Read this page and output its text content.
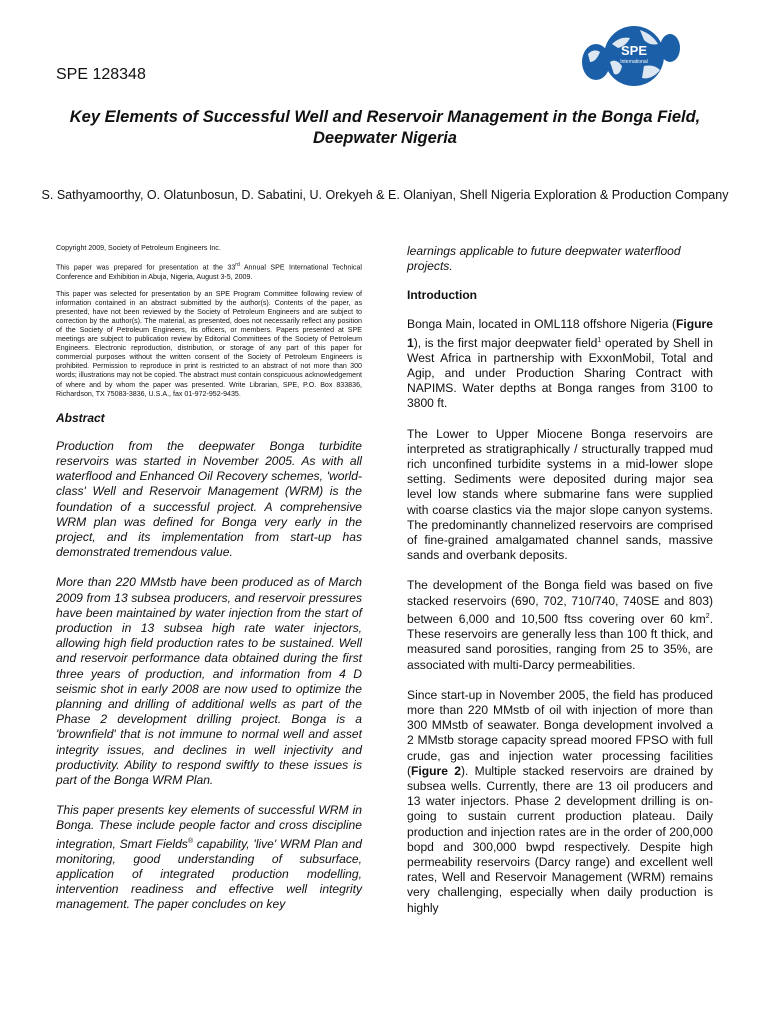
SPE 128348
SPE
International
Key Elements of Successful Well and Reservoir Management in the Bonga Field, Deepwater Nigeria
S. Sathyamoorthy, O. Olatunbosun, D. Sabatini, U. Orekyeh & E. Olaniyan, Shell Nigeria Exploration & Production Company

Copyright 2009, Society of Petroleum Engineers Inc.

This paper was prepared for presentation at the 33rd Annual SPE International Technical Conference and Exhibition in Abuja, Nigeria, August 3-5, 2009.

This paper was selected for presentation by an SPE Program Committee following review of information contained in an abstract submitted by the author(s). Contents of the paper, as presented, have not been reviewed by the Society of Petroleum Engineers and are subject to correction by the author(s). The material, as presented, does not necessarily reflect any position of the Society of Petroleum Engineers, its officers, or members. Papers presented at SPE meetings are subject to publication review by Editorial Committees of the Society of Petroleum Engineers. Electronic reproduction, distribution, or storage of any part of this paper for commercial purposes without the written consent of the Society of Petroleum Engineers is prohibited. Permission to reproduce in print is restricted to an abstract of not more than 300 words; illustrations may not be copied. The abstract must contain conspicuous acknowledgement of where and by whom the paper was presented. Write Librarian, SPE, P.O. Box 833836, Richardson, TX 75083-3836, U.S.A., fax 01-972-952-9435.

Abstract

Production from the deepwater Bonga turbidite reservoirs was started in November 2005. As with all waterflood and Enhanced Oil Recovery schemes, 'world-class' Well and Reservoir Management (WRM) is the foundation of a successful project. A comprehensive WRM plan was defined for Bonga very early in the project, and its implementation from start-up has demonstrated tremendous value.

More than 220 MMstb have been produced as of March 2009 from 13 subsea producers, and reservoir pressures have been maintained by water injection from the start of production in 13 subsea high rate water injectors, allowing high field production rates to be sustained. Well and reservoir performance data obtained during the first three years of production, and information from 4 D seismic shot in early 2008 are now used to optimize the planning and drilling of additional wells as part of the Phase 2 development drilling project. Bonga is a 'brownfield' that is not immune to normal well and asset integrity issues, and declines in well injectivity and productivity. Ability to respond swiftly to these issues is part of the Bonga WRM Plan.

This paper presents key elements of successful WRM in Bonga. These include people factor and cross discipline integration, Smart Fields® capability, 'live' WRM Plan and monitoring, good understanding of subsurface, application of integrated production modelling, intervention readiness and effective well integrity management. The paper concludes on key

learnings applicable to future deepwater waterflood projects.

Introduction

Bonga Main, located in OML118 offshore Nigeria (Figure 1), is the first major deepwater field$^1$ operated by Shell in West Africa in partnership with ExxonMobil, Total and Agip, and under Production Sharing Contract with NAPIMS. Water depths at Bonga ranges from 3100 to 3800 ft.

The Lower to Upper Miocene Bonga reservoirs are interpreted as stratigraphically / structurally trapped mud rich unconfined turbidite systems in a mid-lower slope setting. Sediments were deposited during major sea level low stands where submarine fans were supplied with coarse clastics via the major slope canyon systems. The predominantly channelized reservoirs are comprised of fine-grained amalgamated channel sands, massive sands and overbank deposits.

The development of the Bonga field was based on five stacked reservoirs (690, 702, 710/740, 740SE and 803) between 6,000 and 10,500 ftss covering over 60 $km^2$. These reservoirs are generally less than 100 ft thick, and measured sand porosities, ranging from 25 to 35%, are associated with multi-Darcy permeabilities.

Since start-up in November 2005, the field has produced more than 220 MMstb of oil with injection of more than 300 MMstb of seawater. Bonga development involved a 2 MMstb storage capacity spread moored FPSO with full crude, gas and injection water processing facilities (Figure 2). Multiple stacked reservoirs are drained by subsea wells. Currently, there are 13 oil producers and 13 water injectors. Phase 2 development drilling is on-going to sustain current production plateau. Daily production and injection rates are in the order of 200,000 bopd and 300,000 bwpd respectively. Despite high permeability reservoirs (Darcy range) and excellent well rates, Well and Reservoir Management (WRM) remains very challenging, especially when daily production is highly
